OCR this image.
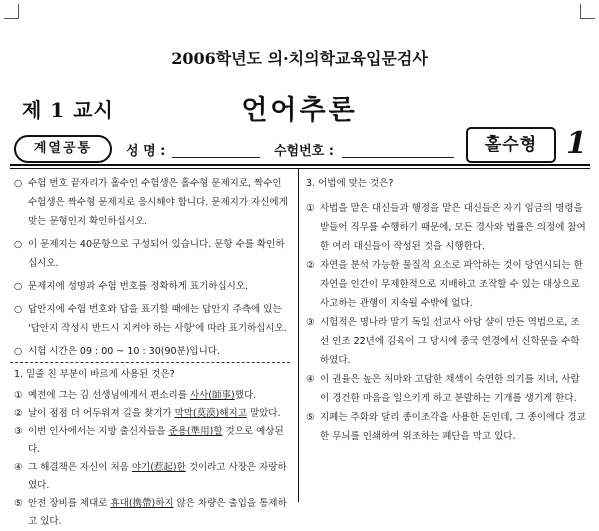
2006학년도 의·치의학교육입문검사
제 1 교시	언어추론
계열공통	성 명 :	수험번호 :	홀수형 1
○ 수험 번호 끝자리가 홀수인 수험생은 홀수형 문제지로, 짝수인 수험생은 짝수형 문제지로 응시해야 합니다. 문제지가 자신에게 맞는 문형인지 확인하십시오.
○ 이 문제지는 40문항으로 구성되어 있습니다. 문항 수를 확인하십시오.
○ 문제지에 성명과 수험 번호를 정확하게 표기하십시오.
○ 답안지에 수험 번호와 답을 표기할 때에는 답안지 주측에 있는 '답안지 작성시 반드시 지켜야 하는 사항'에 따라 표기하십시오.
○ 시험 시간은 09 : 00 ~ 10 : 30(90분)입니다.
1. 밑줄 친 부분이 바르게 사용된 것은?
① 예전에 그는 김 선생님에게서 편소리를 사사(師事)했다.
② 날이 점점 더 어두워져 길을 찾기가 막막(莫漠)해지고 말았다.
③ 이번 인사에서는 지방 출신자들을 준용(準用)할 것으로 예상된다.
④ 그 해결책은 자신이 처음 야기(惹起)한 것이라고 사장은 자랑하였다.
⑤ 안전 장비를 제대로 휴대(携帶)하지 않은 차량은 출입을 통제하고 있다.
3. 어법에 맞는 것은?
① 사법을 맡은 대신들과 행정을 맡은 대신들은 자기 임금의 명령을 받들어 직무를 수행하기 때문에, 모든 경사와 법률은 의정에 참여한 여러 대신들이 작성된 것을 시행한다.
② 자연을 분석 가능한 물질적 요소로 파악하는 것이 당연시되는 한 자연을 인간이 무제한적으로 지배하고 조작할 수 있는 대상으로 사고하는 관행이 지속될 수밖에 없다.
③ 시험적은 명나라 말기 독일 선교사 아담 샬이 만든 역법으로, 조선 인조 22년에 김육이 그 당시에 중국 연경에서 신학문을 수학하였다.
④ 이 권율은 높은 처마와 고담한 채색이 숙연한 의기를 지녀, 사람이 경건한 마음을 일으키게 하고 분발하는 기개를 생기게 한다.
⑤ 지폐는 주화와 달리 종이조각을 사용한 돈인데, 그 종이에다 경교한 무늬를 인쇄하여 위조하는 폐단을 막고 있다.
